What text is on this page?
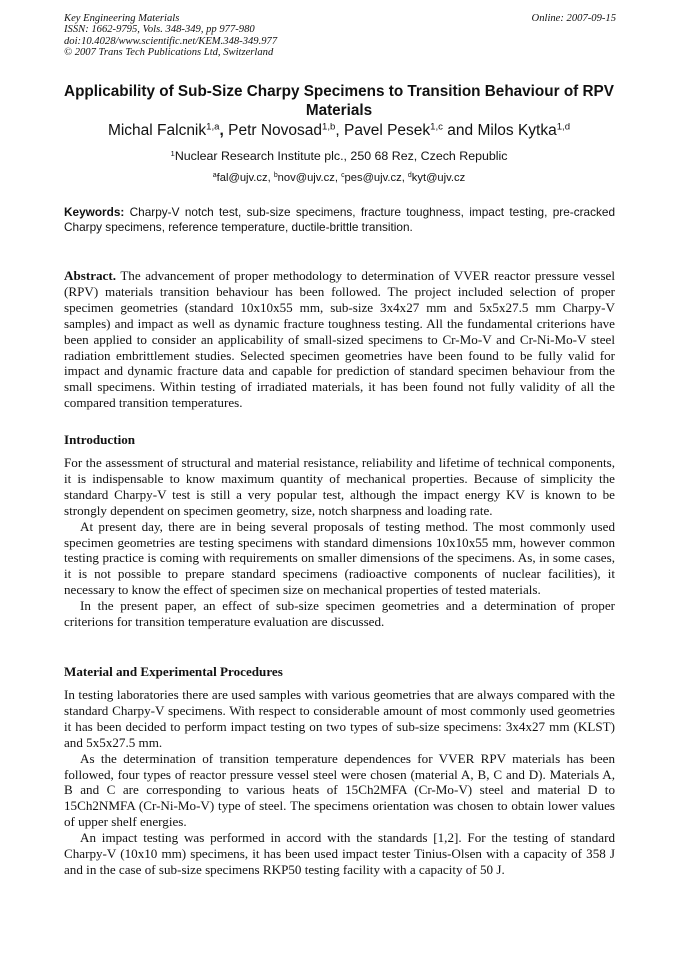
Key Engineering Materials
ISSN: 1662-9795, Vols. 348-349, pp 977-980
doi:10.4028/www.scientific.net/KEM.348-349.977
© 2007 Trans Tech Publications Ltd, Switzerland
Online: 2007-09-15
Applicability of Sub-Size Charpy Specimens to Transition Behaviour of RPV Materials
Michal Falcnik$^{1,a}$, Petr Novosad$^{1,b}$, Pavel Pesek$^{1,c}$ and Milos Kytka$^{1,d}$
$^1$Nuclear Research Institute plc., 250 68 Rez, Czech Republic
$^a$fal@ujv.cz, $^b$nov@ujv.cz, $^c$pes@ujv.cz, $^d$kyt@ujv.cz
Keywords: Charpy-V notch test, sub-size specimens, fracture toughness, impact testing, pre-cracked Charpy specimens, reference temperature, ductile-brittle transition.

Abstract. The advancement of proper methodology to determination of VVER reactor pressure vessel (RPV) materials transition behaviour has been followed. The project included selection of proper specimen geometries (standard 10x10x55 mm, sub-size 3x4x27 mm and 5x5x27.5 mm Charpy-V samples) and impact as well as dynamic fracture toughness testing. All the fundamental criterions have been applied to consider an applicability of small-sized specimens to Cr-Mo-V and Cr-Ni-Mo-V steel radiation embrittlement studies. Selected specimen geometries have been found to be fully valid for impact and dynamic fracture data and capable for prediction of standard specimen behaviour from the small specimens. Within testing of irradiated materials, it has been found not fully validity of all the compared transition temperatures.

Introduction

For the assessment of structural and material resistance, reliability and lifetime of technical components, it is indispensable to know maximum quantity of mechanical properties. Because of simplicity the standard Charpy-V test is still a very popular test, although the impact energy KV is known to be strongly dependent on specimen geometry, size, notch sharpness and loading rate.

At present day, there are in being several proposals of testing method. The most commonly used specimen geometries are testing specimens with standard dimensions 10x10x55 mm, however common testing practice is coming with requirements on smaller dimensions of the specimens. As, in some cases, it is not possible to prepare standard specimens (radioactive components of nuclear facilities), it necessary to know the effect of specimen size on mechanical properties of tested materials.

In the present paper, an effect of sub-size specimen geometries and a determination of proper criterions for transition temperature evaluation are discussed.

Material and Experimental Procedures

In testing laboratories there are used samples with various geometries that are always compared with the standard Charpy-V specimens. With respect to considerable amount of most commonly used geometries it has been decided to perform impact testing on two types of sub-size specimens: 3x4x27 mm (KLST) and 5x5x27.5 mm.

As the determination of transition temperature dependences for VVER RPV materials has been followed, four types of reactor pressure vessel steel were chosen (material A, B, C and D). Materials A, B and C are corresponding to various heats of 15Ch2MFA (Cr-Mo-V) steel and material D to 15Ch2NMFA (Cr-Ni-Mo-V) type of steel. The specimens orientation was chosen to obtain lower values of upper shelf energies.

An impact testing was performed in accord with the standards [1,2]. For the testing of standard Charpy-V (10x10 mm) specimens, it has been used impact tester Tinius-Olsen with a capacity of 358 J and in the case of sub-size specimens RKP50 testing facility with a capacity of 50 J.
